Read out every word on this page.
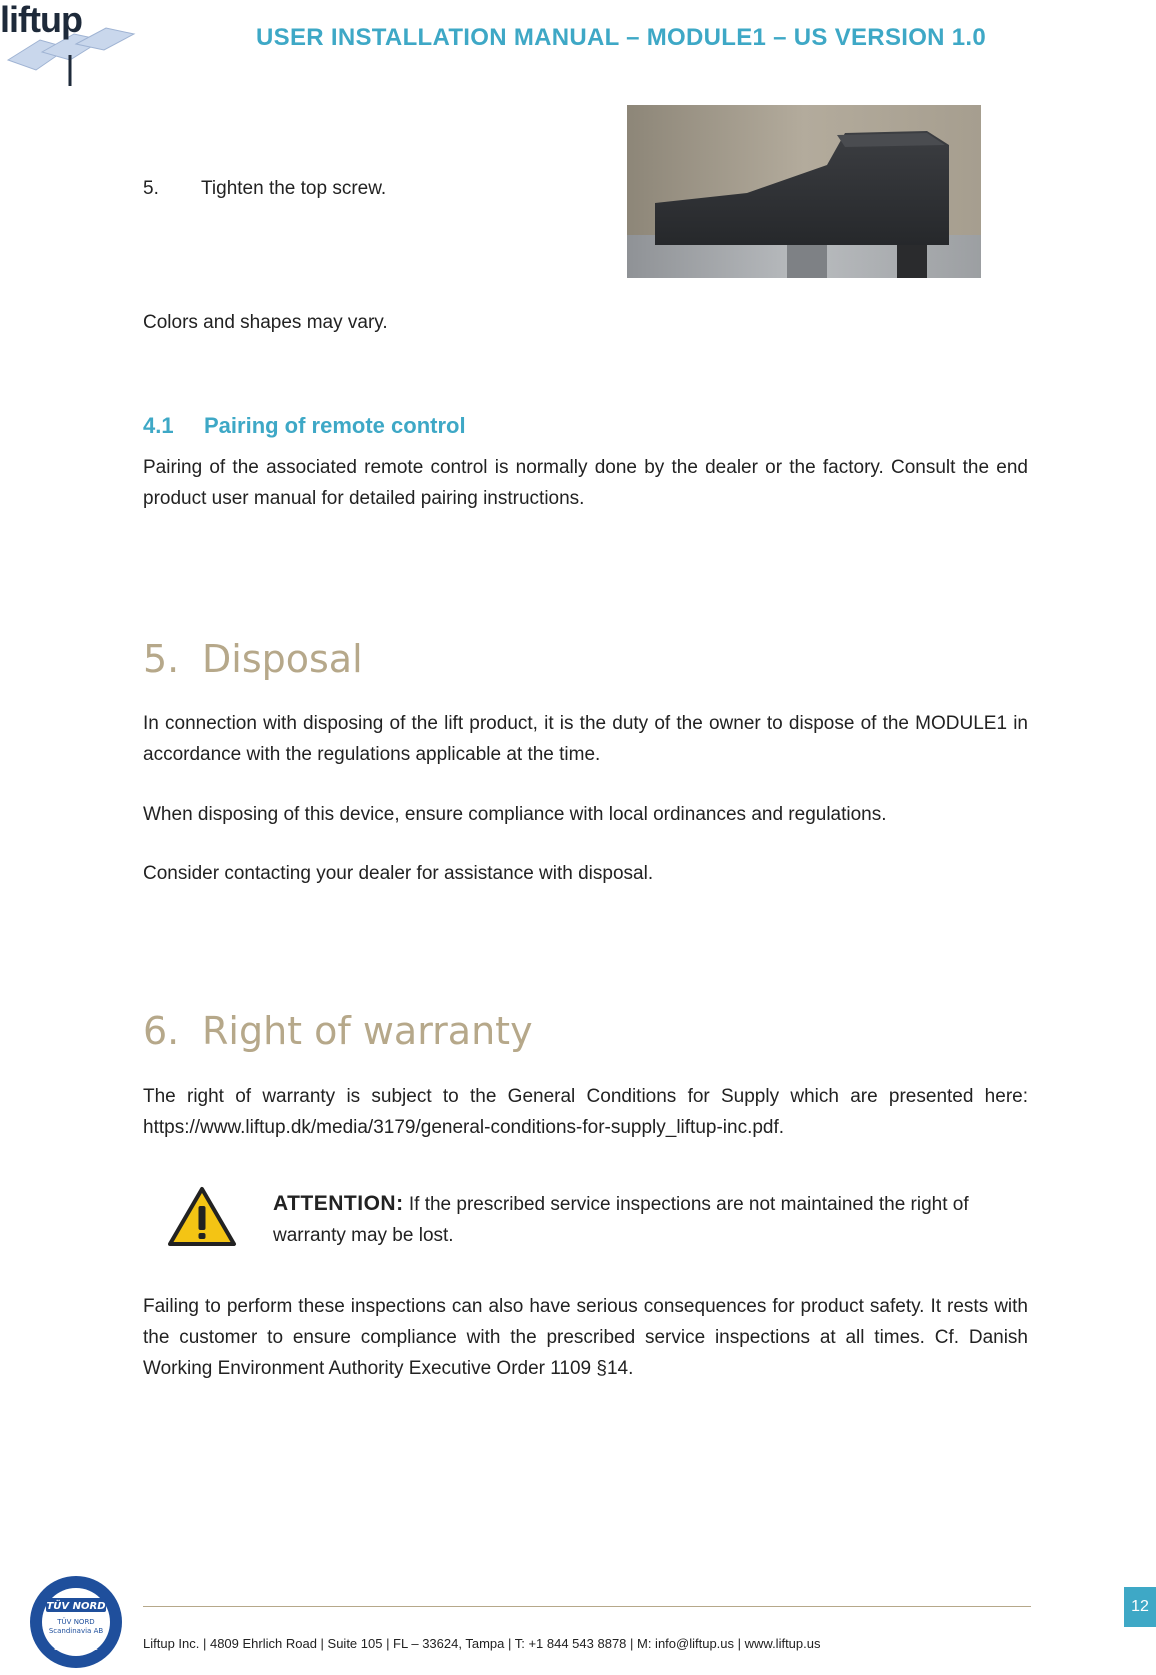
liftup	USER INSTALLATION MANUAL – MODULE1 – US VERSION 1.0
5. Tighten the top screw.
Colors and shapes may vary.
4.1 Pairing of remote control
Pairing of the associated remote control is normally done by the dealer or the factory. Consult the end product user manual for detailed pairing instructions.
5. Disposal
In connection with disposing of the lift product, it is the duty of the owner to dispose of the MODULE1 in accordance with the regulations applicable at the time.
When disposing of this device, ensure compliance with local ordinances and regulations.
Consider contacting your dealer for assistance with disposal.
6. Right of warranty
The right of warranty is subject to the General Conditions for Supply which are presented here: https://www.liftup.dk/media/3179/general-conditions-for-supply_liftup-inc.pdf.
ATTENTION: If the prescribed service inspections are not maintained the right of warranty may be lost.
Failing to perform these inspections can also have serious consequences for product safety. It rests with the customer to ensure compliance with the prescribed service inspections at all times. Cf. Danish Working Environment Authority Executive Order 1109 §14.
TÜV NORD
TÜV NORD
Scandinavia AB
EN ISO 9001	Liftup Inc. | 4809 Ehrlich Road | Suite 105 | FL – 33624, Tampa | T: +1 844 543 8878 | M: info@liftup.us | www.liftup.us
12
